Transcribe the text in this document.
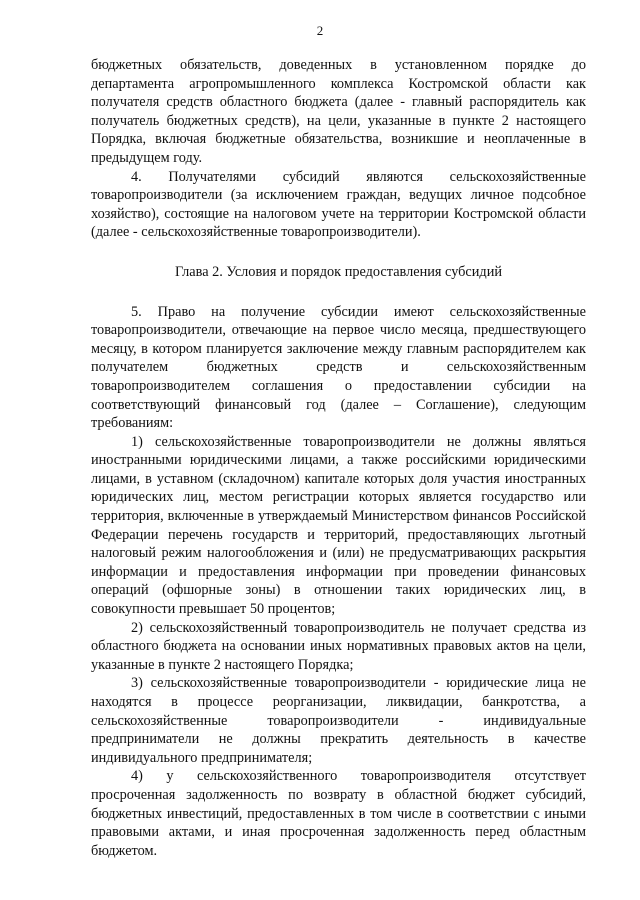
2

бюджетных обязательств, доведенных в установленном порядке до департамента агропромышленного комплекса Костромской области как получателя средств областного бюджета (далее - главный распорядитель как получатель бюджетных средств), на цели, указанные в пункте 2 настоящего Порядка, включая бюджетные обязательства, возникшие и неоплаченные в предыдущем году.

4. Получателями субсидий являются сельскохозяйственные товаропроизводители (за исключением граждан, ведущих личное подсобное хозяйство), состоящие на налоговом учете на территории Костромской области (далее - сельскохозяйственные товаропроизводители).

Глава 2. Условия и порядок предоставления субсидий

5. Право на получение субсидии имеют сельскохозяйственные товаропроизводители, отвечающие на первое число месяца, предшествующего месяцу, в котором планируется заключение между главным распорядителем как получателем бюджетных средств и сельскохозяйственным товаропроизводителем соглашения о предоставлении субсидии на соответствующий финансовый год (далее – Соглашение), следующим требованиям:

1) сельскохозяйственные товаропроизводители не должны являться иностранными юридическими лицами, а также российскими юридическими лицами, в уставном (складочном) капитале которых доля участия иностранных юридических лиц, местом регистрации которых является государство или территория, включенные в утверждаемый Министерством финансов Российской Федерации перечень государств и территорий, предоставляющих льготный налоговый режим налогообложения и (или) не предусматривающих раскрытия информации и предоставления информации при проведении финансовых операций (офшорные зоны) в отношении таких юридических лиц, в совокупности превышает 50 процентов;

2) сельскохозяйственный товаропроизводитель не получает средства из областного бюджета на основании иных нормативных правовых актов на цели, указанные в пункте 2 настоящего Порядка;

3) сельскохозяйственные товаропроизводители - юридические лица не находятся в процессе реорганизации, ликвидации, банкротства, а сельскохозяйственные товаропроизводители - индивидуальные предприниматели не должны прекратить деятельность в качестве индивидуального предпринимателя;

4) у сельскохозяйственного товаропроизводителя отсутствует просроченная задолженность по возврату в областной бюджет субсидий, бюджетных инвестиций, предоставленных в том числе в соответствии с иными правовыми актами, и иная просроченная задолженность перед областным бюджетом.
